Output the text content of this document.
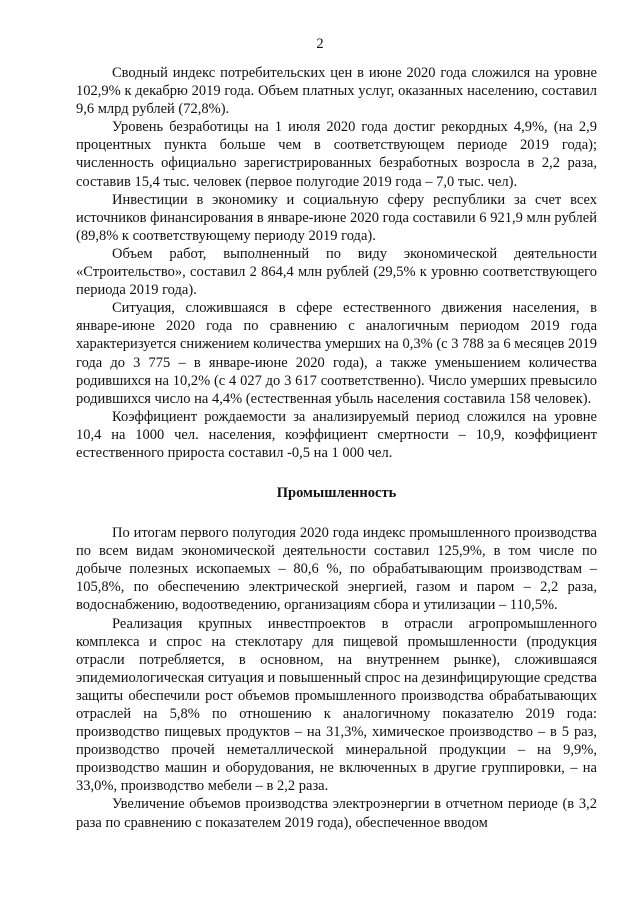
2

Сводный индекс потребительских цен в июне 2020 года сложился на уровне 102,9% к декабрю 2019 года. Объем платных услуг, оказанных населению, составил 9,6 млрд рублей (72,8%).

Уровень безработицы на 1 июля 2020 года достиг рекордных 4,9%, (на 2,9 процентных пункта больше чем в соответствующем периоде 2019 года); численность официально зарегистрированных безработных возросла в 2,2 раза, составив 15,4 тыс. человек (первое полугодие 2019 года – 7,0 тыс. чел).

Инвестиции в экономику и социальную сферу республики за счет всех источников финансирования в январе-июне 2020 года составили 6 921,9 млн рублей (89,8% к соответствующему периоду 2019 года).

Объем работ, выполненный по виду экономической деятельности «Строительство», составил 2 864,4 млн рублей (29,5% к уровню соответствующего периода 2019 года).

Ситуация, сложившаяся в сфере естественного движения населения, в январе-июне 2020 года по сравнению с аналогичным периодом 2019 года характеризуется снижением количества умерших на 0,3% (с 3 788 за 6 месяцев 2019 года до 3 775 – в январе-июне 2020 года), а также уменьшением количества родившихся на 10,2% (с 4 027 до 3 617 соответственно). Число умерших превысило родившихся число на 4,4% (естественная убыль населения составила 158 человек).

Коэффициент рождаемости за анализируемый период сложился на уровне 10,4 на 1000 чел. населения, коэффициент смертности – 10,9, коэффициент естественного прироста составил -0,5 на 1 000 чел.

Промышленность

По итогам первого полугодия 2020 года индекс промышленного производства по всем видам экономической деятельности составил 125,9%, в том числе по добыче полезных ископаемых – 80,6 %, по обрабатывающим производствам – 105,8%, по обеспечению электрической энергией, газом и паром – 2,2 раза, водоснабжению, водоотведению, организациям сбора и утилизации – 110,5%.

Реализация крупных инвестпроектов в отрасли агропромышленного комплекса и спрос на стеклотару для пищевой промышленности (продукция отрасли потребляется, в основном, на внутреннем рынке), сложившаяся эпидемиологическая ситуация и повышенный спрос на дезинфицирующие средства защиты обеспечили рост объемов промышленного производства обрабатывающих отраслей на 5,8% по отношению к аналогичному показателю 2019 года: производство пищевых продуктов – на 31,3%, химическое производство – в 5 раз, производство прочей неметаллической минеральной продукции – на 9,9%, производство машин и оборудования, не включенных в другие группировки, – на 33,0%, производство мебели – в 2,2 раза.

Увеличение объемов производства электроэнергии в отчетном периоде (в 3,2 раза по сравнению с показателем 2019 года), обеспеченное вводом
